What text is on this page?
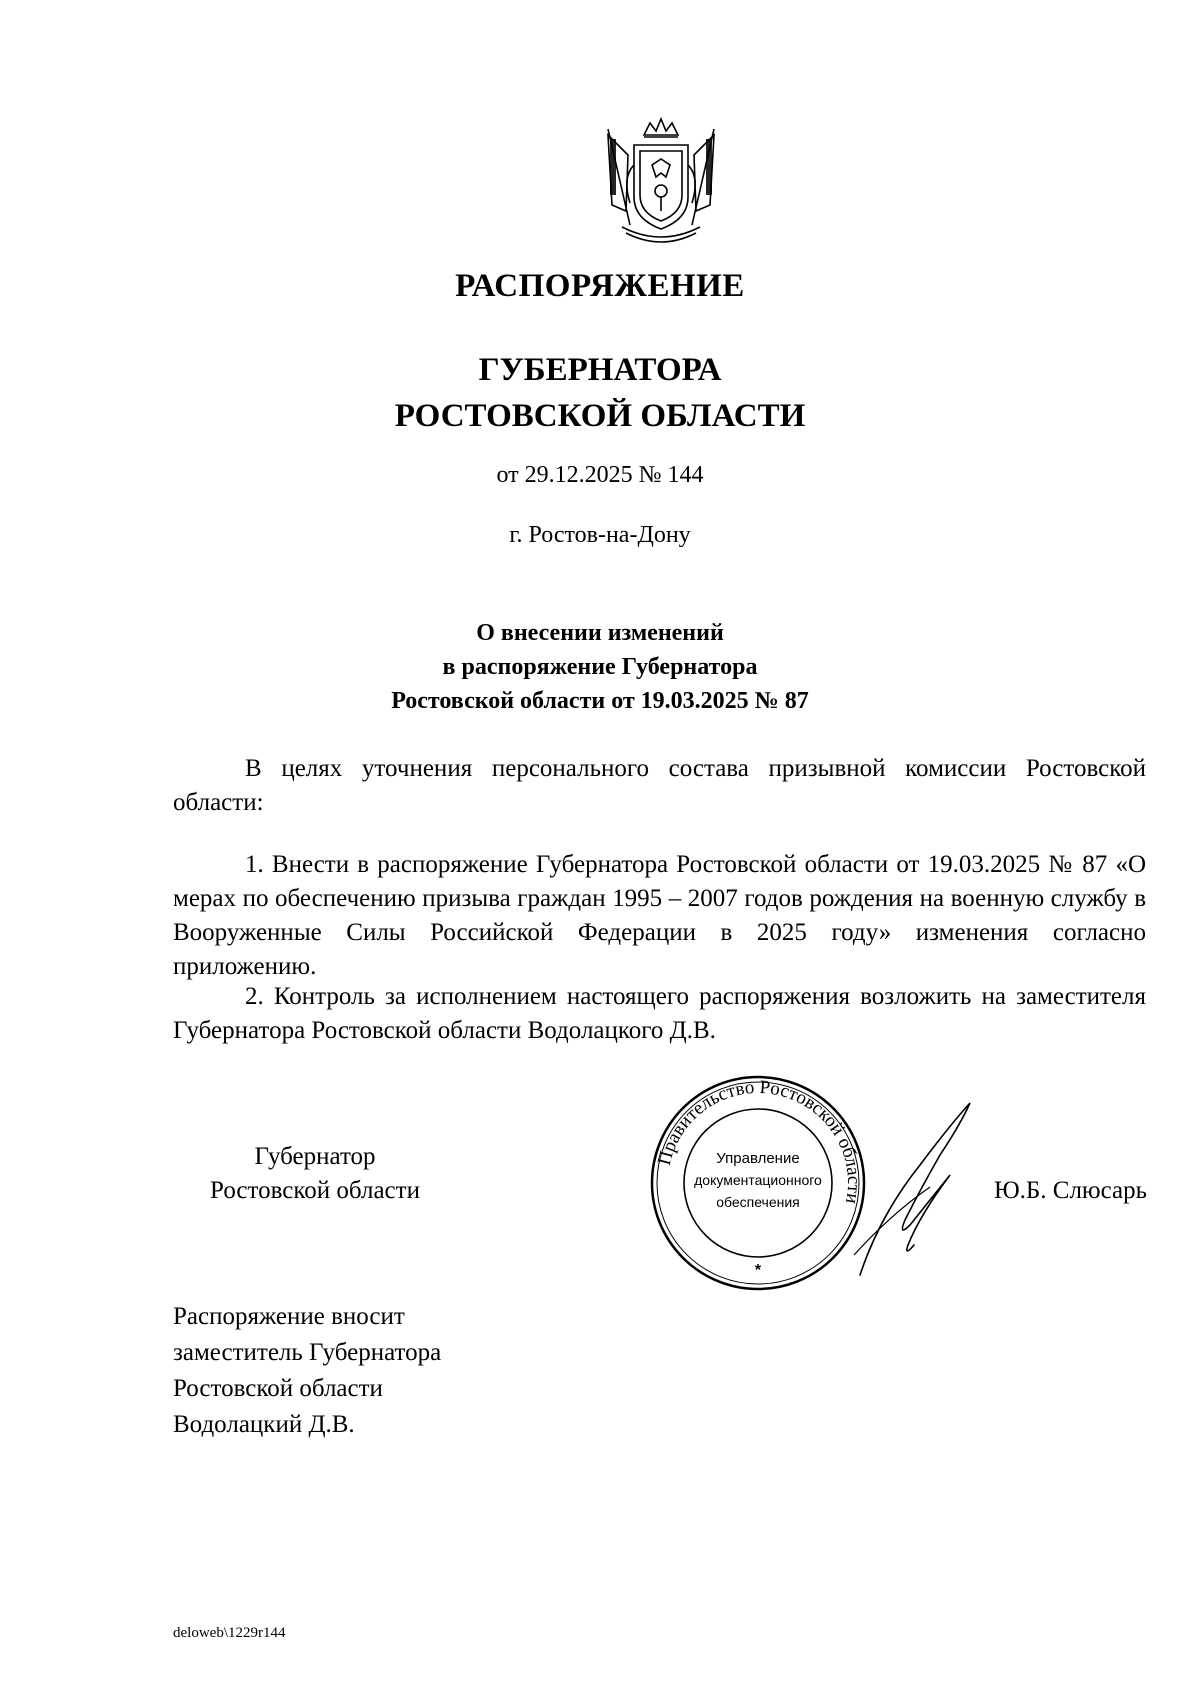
РАСПОРЯЖЕНИЕ
ГУБЕРНАТОРА
РОСТОВСКОЙ ОБЛАСТИ
от 29.12.2025 № 144
г. Ростов-на-Дону
О внесении изменений
в распоряжение Губернатора
Ростовской области от 19.03.2025 № 87
В целях уточнения персонального состава призывной комиссии Ростовской области:
1. Внести в распоряжение Губернатора Ростовской области от 19.03.2025 № 87 «О мерах по обеспечению призыва граждан 1995 – 2007 годов рождения на военную службу в Вооруженные Силы Российской Федерации в 2025 году» изменения согласно приложению.
2. Контроль за исполнением настоящего распоряжения возложить на заместителя Губернатора Ростовской области Водолацкого Д.В.
Губернатор
Ростовской области
Правительство Ростовской области
Управление
документационного
обеспечения
*
Ю.Б. Слюсарь
Распоряжение вносит
заместитель Губернатора
Ростовской области
Водолацкий Д.В.
deloweb\1229r144
